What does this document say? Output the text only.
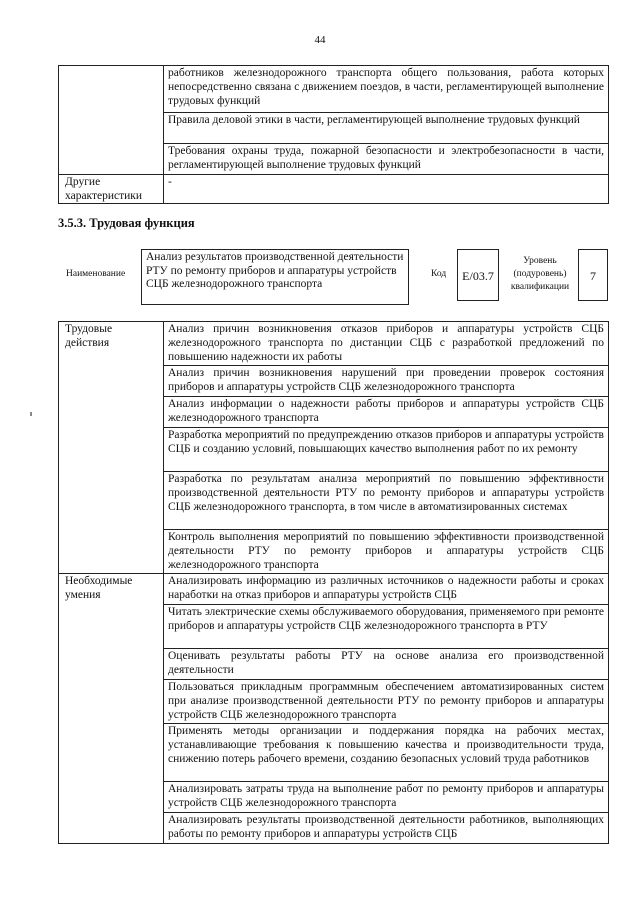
44
	работников железнодорожного транспорта общего пользования, работа которых непосредственно связана с движением поездов, в части, регламентирующей выполнение трудовых функций
	Правила деловой этики в части, регламентирующей выполнение трудовых функций
	Требования охраны труда, пожарной безопасности и электробезопасности в части, регламентирующей выполнение трудовых функций
Другие характеристики	-
3.5.3. Трудовая функция
Наименование
Анализ результатов производственной деятельности РТУ по ремонту приборов и аппаратуры устройств СЦБ железнодорожного транспорта
Код	E/03.7
Уровень (подуровень) квалификации
7
Трудовые действия	Анализ причин возникновения отказов приборов и аппаратуры устройств СЦБ железнодорожного транспорта по дистанции СЦБ с разработкой предложений по повышению надежности их работы
	Анализ причин возникновения нарушений при проведении проверок состояния приборов и аппаратуры устройств СЦБ железнодорожного транспорта
	Анализ информации о надежности работы приборов и аппаратуры устройств СЦБ железнодорожного транспорта
	Разработка мероприятий по предупреждению отказов приборов и аппаратуры устройств СЦБ и созданию условий, повышающих качество выполнения работ по их ремонту
	Разработка по результатам анализа мероприятий по повышению эффективности производственной деятельности РТУ по ремонту приборов и аппаратуры устройств СЦБ железнодорожного транспорта, в том числе в автоматизированных системах
	Контроль выполнения мероприятий по повышению эффективности производственной деятельности РТУ по ремонту приборов и аппаратуры устройств СЦБ железнодорожного транспорта
Необходимые умения	Анализировать информацию из различных источников о надежности работы и сроках наработки на отказ приборов и аппаратуры устройств СЦБ
	Читать электрические схемы обслуживаемого оборудования, применяемого при ремонте приборов и аппаратуры устройств СЦБ железнодорожного транспорта в РТУ
	Оценивать результаты работы РТУ на основе анализа его производственной деятельности
	Пользоваться прикладным программным обеспечением автоматизированных систем при анализе производственной деятельности РТУ по ремонту приборов и аппаратуры устройств СЦБ железнодорожного транспорта
	Применять методы организации и поддержания порядка на рабочих местах, устанавливающие требования к повышению качества и производительности труда, снижению потерь рабочего времени, созданию безопасных условий труда работников
	Анализировать затраты труда на выполнение работ по ремонту приборов и аппаратуры устройств СЦБ железнодорожного транспорта
	Анализировать результаты производственной деятельности работников, выполняющих работы по ремонту приборов и аппаратуры устройств СЦБ
